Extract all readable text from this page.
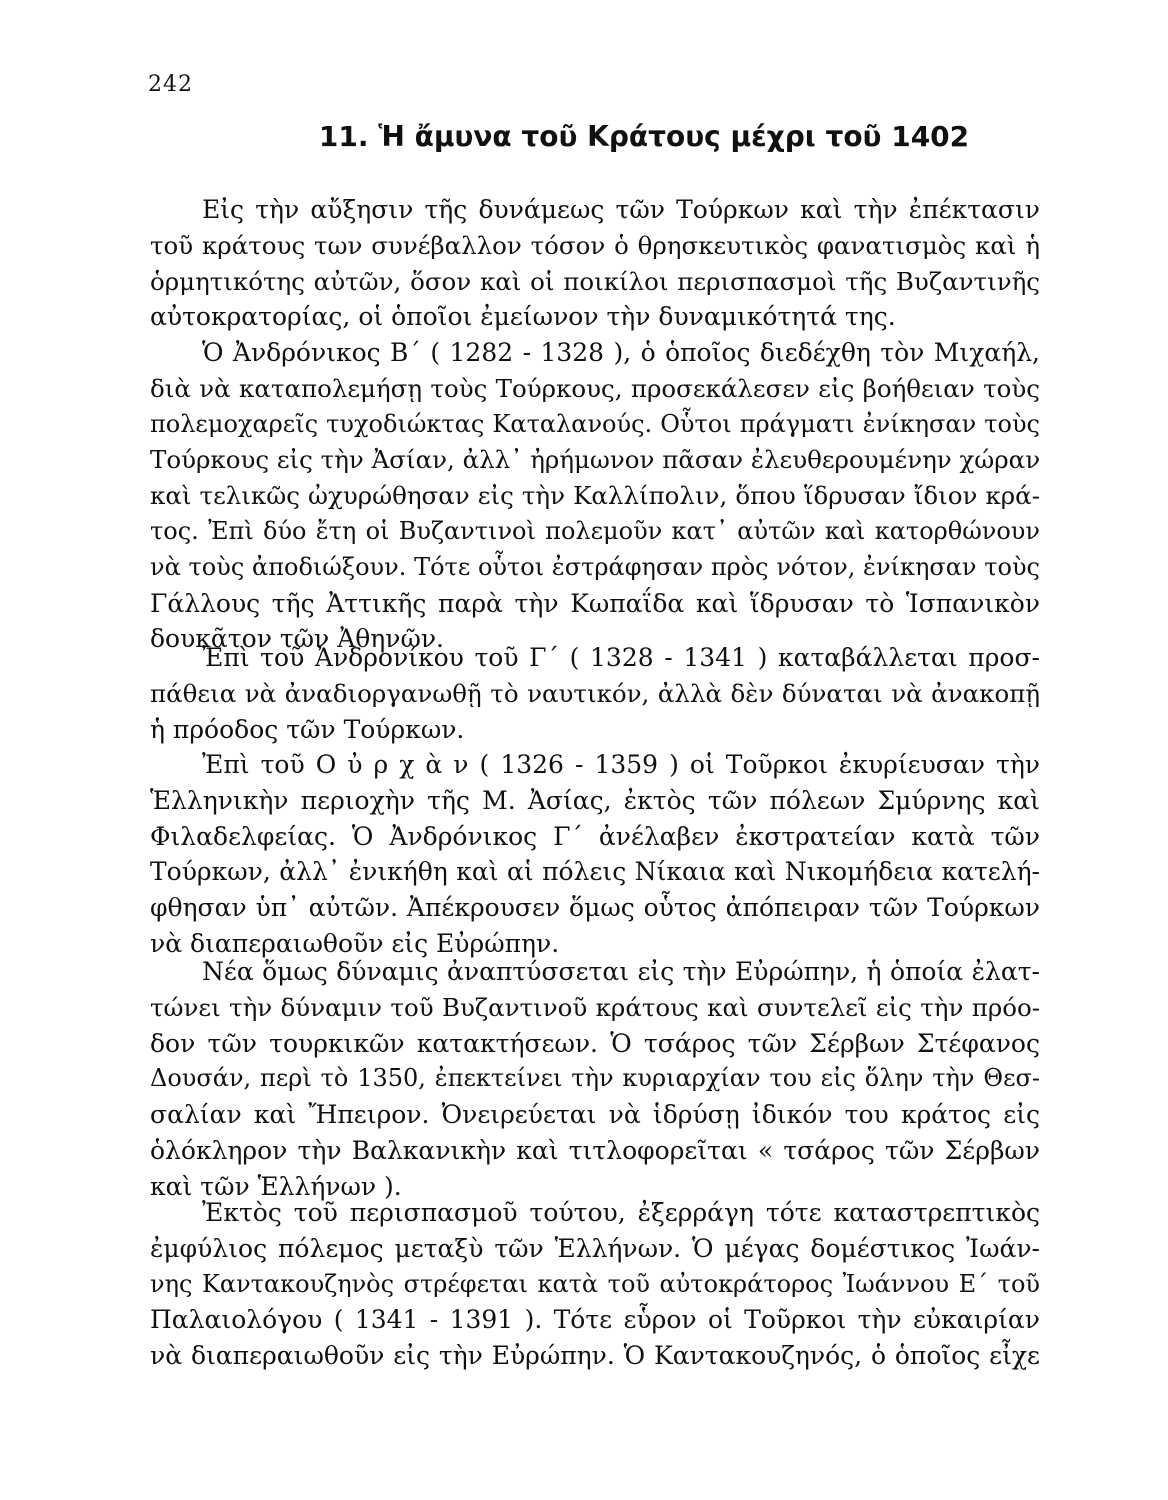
242
11. Ἡ ἄμυνα τοῦ Κράτους μέχρι τοῦ 1402
Εἰς τὴν αὔξησιν τῆς δυνάμεως τῶν Τούρκων καὶ τὴν ἐπέκτασιν
τοῦ κράτους των συνέβαλλον τόσον ὁ θρησκευτικὸς φανατισμὸς καὶ ἡ
ὁρμητικότης αὐτῶν, ὅσον καὶ οἱ ποικίλοι περισπασμοὶ τῆς Βυζαντινῆς
αὐτοκρατορίας, οἱ ὁποῖοι ἐμείωνον τὴν δυναμικότητά της.
Ὁ Ἀνδρόνικος Β΄ ( 1282 - 1328 ), ὁ ὁποῖος διεδέχθη τὸν Μιχαήλ,
διὰ νὰ καταπολεμήσῃ τοὺς Τούρκους, προσεκάλεσεν εἰς βοήθειαν τοὺς
πολεμοχαρεῖς τυχοδιώκτας Καταλανούς. Οὗτοι πράγματι ἐνίκησαν τοὺς
Τούρκους εἰς τὴν Ἀσίαν, ἀλλ᾽ ἠρήμωνον πᾶσαν ἐλευθερουμένην χώραν
καὶ τελικῶς ὠχυρώθησαν εἰς τὴν Καλλίπολιν, ὅπου ἵδρυσαν ἴδιον κρά-
τος. Ἐπὶ δύο ἔτη οἱ Βυζαντινοὶ πολεμοῦν κατ᾽ αὐτῶν καὶ κατορθώνουν
νὰ τοὺς ἀποδιώξουν. Τότε οὗτοι ἐστράφησαν πρὸς νότον, ἐνίκησαν τοὺς
Γάλλους τῆς Ἀττικῆς παρὰ τὴν Κωπαΐδα καὶ ἵδρυσαν τὸ Ἱσπανικὸν
δουκᾶτον τῶν Ἀθηνῶν.
Ἐπὶ τοῦ Ἀνδρονίκου τοῦ Γ΄ ( 1328 - 1341 ) καταβάλλεται προσ-
πάθεια νὰ ἀναδιοργανωθῇ τὸ ναυτικόν, ἀλλὰ δὲν δύναται νὰ ἀνακοπῇ
ἡ πρόοδος τῶν Τούρκων.
Ἐπὶ τοῦ Ο ὐ ρ χ ὰ ν ( 1326 - 1359 ) οἱ Τοῦρκοι ἐκυρίευσαν τὴν
Ἑλληνικὴν περιοχὴν τῆς Μ. Ἀσίας, ἐκτὸς τῶν πόλεων Σμύρνης καὶ
Φιλαδελφείας. Ὁ Ἀνδρόνικος Γ΄ ἀνέλαβεν ἐκστρατείαν κατὰ τῶν
Τούρκων, ἀλλ᾽ ἐνικήθη καὶ αἱ πόλεις Νίκαια καὶ Νικομήδεια κατελή-
φθησαν ὑπ᾽ αὐτῶν. Ἀπέκρουσεν ὅμως οὗτος ἀπόπειραν τῶν Τούρκων
νὰ διαπεραιωθοῦν εἰς Εὐρώπην.
Νέα ὅμως δύναμις ἀναπτύσσεται εἰς τὴν Εὐρώπην, ἡ ὁποία ἐλατ-
τώνει τὴν δύναμιν τοῦ Βυζαντινοῦ κράτους καὶ συντελεῖ εἰς τὴν πρόο-
δον τῶν τουρκικῶν κατακτήσεων. Ὁ τσάρος τῶν Σέρβων Στέφανος
Δουσάν, περὶ τὸ 1350, ἐπεκτείνει τὴν κυριαρχίαν του εἰς ὅλην τὴν Θεσ-
σαλίαν καὶ Ἤπειρον. Ὀνειρεύεται νὰ ἱδρύσῃ ἰδικόν του κράτος εἰς
ὁλόκληρον τὴν Βαλκανικὴν καὶ τιτλοφορεῖται « τσάρος τῶν Σέρβων
καὶ τῶν Ἑλλήνων ).
Ἐκτὸς τοῦ περισπασμοῦ τούτου, ἐξερράγη τότε καταστρεπτικὸς
ἐμφύλιος πόλεμος μεταξὺ τῶν Ἑλλήνων. Ὁ μέγας δομέστικος Ἰωάν-
νης Καντακουζηνὸς στρέφεται κατὰ τοῦ αὐτοκράτορος Ἰωάννου Ε΄ τοῦ
Παλαιολόγου ( 1341 - 1391 ). Τότε εὗρον οἱ Τοῦρκοι τὴν εὐκαιρίαν
νὰ διαπεραιωθοῦν εἰς τὴν Εὐρώπην. Ὁ Καντακουζηνός, ὁ ὁποῖος εἶχε
